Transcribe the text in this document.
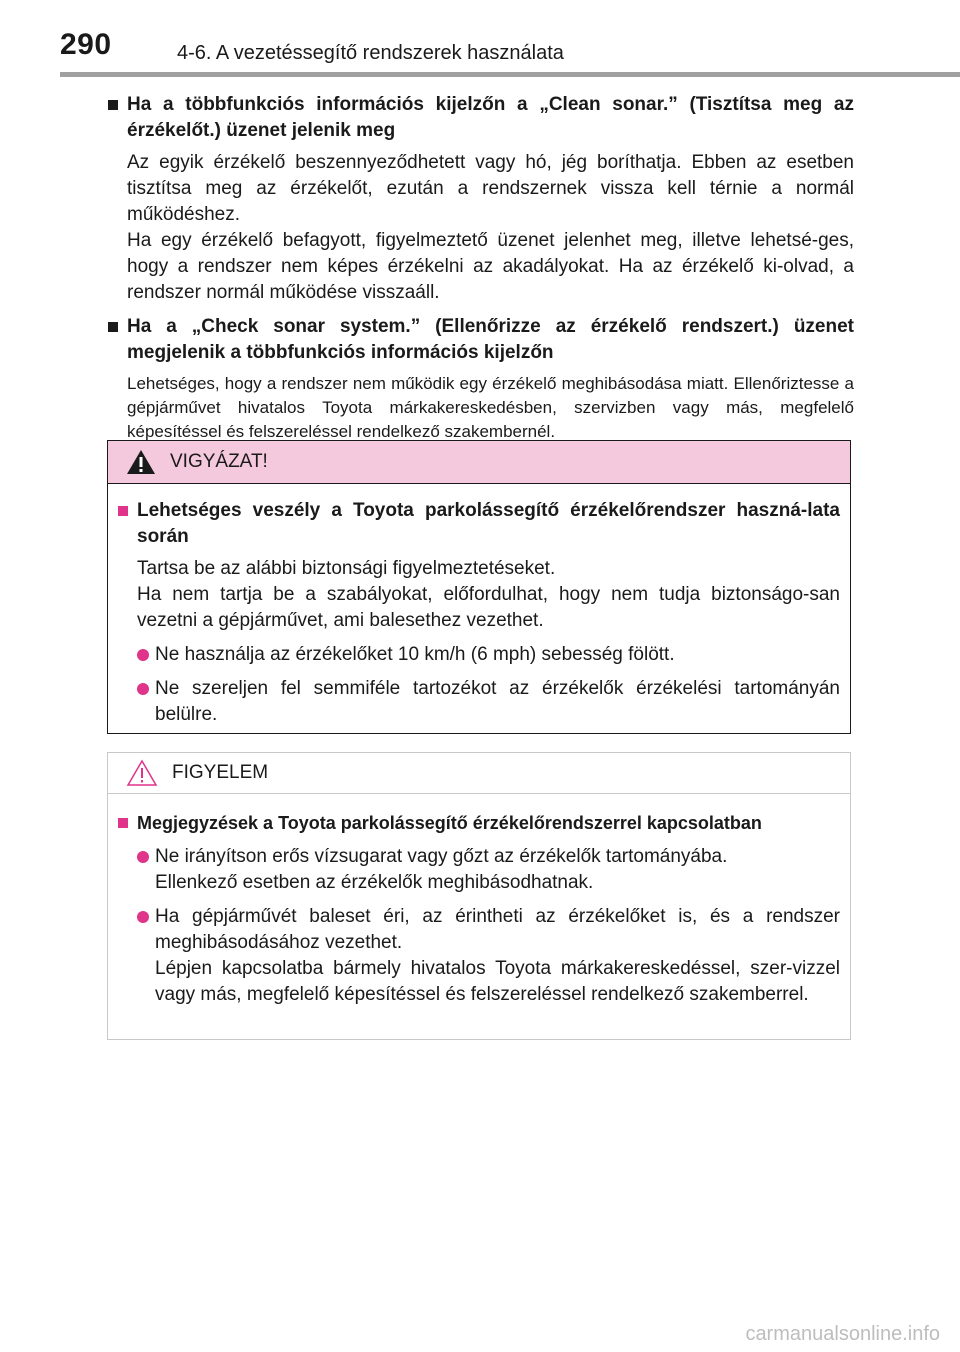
290	4-6. A vezetéssegítő rendszerek használata
Ha a többfunkciós információs kijelzőn a „Clean sonar.” (Tisztítsa meg az érzékelőt.) üzenet jelenik meg

Az egyik érzékelő beszennyeződhetett vagy hó, jég boríthatja. Ebben az esetben tisztítsa meg az érzékelőt, ezután a rendszernek vissza kell térnie a normál működéshez.

Ha egy érzékelő befagyott, figyelmeztető üzenet jelenhet meg, illetve lehetsé-ges, hogy a rendszer nem képes érzékelni az akadályokat. Ha az érzékelő ki-olvad, a rendszer normál működése visszaáll.

Ha a „Check sonar system.” (Ellenőrizze az érzékelő rendszert.) üzenet megjelenik a többfunkciós információs kijelzőn

Lehetséges, hogy a rendszer nem működik egy érzékelő meghibásodása miatt. Ellenőriztesse a gépjárművet hivatalos Toyota márkakereskedésben, szervizben vagy más, megfelelő képesítéssel és felszereléssel rendelkező szakembernél.

VIGYÁZAT!
Lehetséges veszély a Toyota parkolássegítő érzékelőrendszer haszná-lata során

Tartsa be az alábbi biztonsági figyelmeztetéseket.

Ha nem tartja be a szabályokat, előfordulhat, hogy nem tudja biztonságo-san vezetni a gépjárművet, ami balesethez vezethet.

Ne használja az érzékelőket 10 km/h (6 mph) sebesség fölött.
Ne szereljen fel semmiféle tartozékot az érzékelők érzékelési tartományán belülre.
FIGYELEM
Megjegyzések a Toyota parkolássegítő érzékelőrendszerrel kapcsolatban

Ne irányítson erős vízsugarat vagy gőzt az érzékelők tartományába.

Ellenkező esetben az érzékelők meghibásodhatnak.

Ha gépjárművét baleset éri, az érintheti az érzékelőket is, és a rendszer meghibásodásához vezethet.

Lépjen kapcsolatba bármely hivatalos Toyota márkakereskedéssel, szer-vizzel vagy más, megfelelő képesítéssel és felszereléssel rendelkező szakemberrel.

carmanualsonline.info
